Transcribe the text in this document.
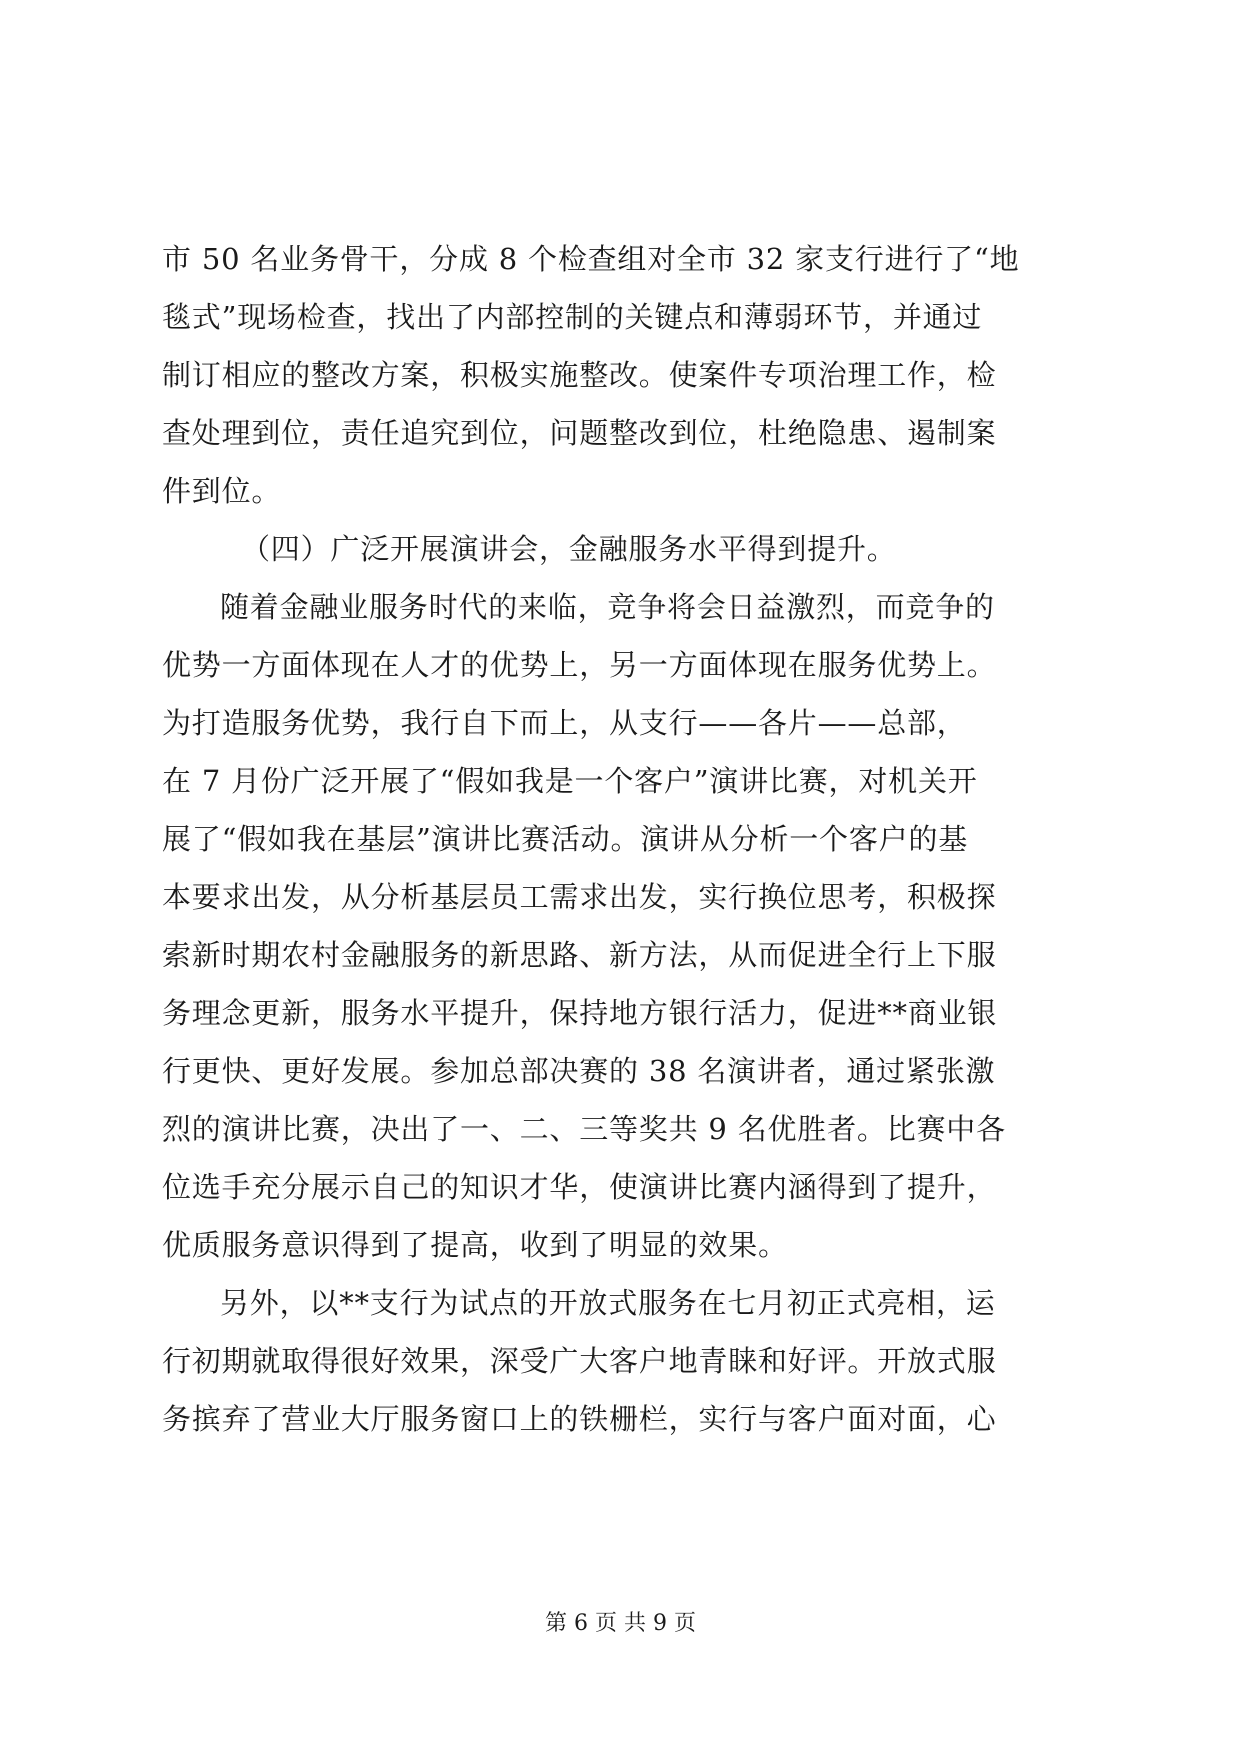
市 50 名业务骨干，分成 8 个检查组对全市 32 家支行进行了“地
毯式”现场检查，找出了内部控制的关键点和薄弱环节，并通过
制订相应的整改方案，积极实施整改。使案件专项治理工作，检
查处理到位，责任追究到位，问题整改到位，杜绝隐患、遏制案
件到位。
（四）广泛开展演讲会，金融服务水平得到提升。
随着金融业服务时代的来临，竞争将会日益激烈，而竞争的
优势一方面体现在人才的优势上，另一方面体现在服务优势上。
为打造服务优势，我行自下而上，从支行——各片——总部，
在 7 月份广泛开展了“假如我是一个客户”演讲比赛，对机关开
展了“假如我在基层”演讲比赛活动。演讲从分析一个客户的基
本要求出发，从分析基层员工需求出发，实行换位思考，积极探
索新时期农村金融服务的新思路、新方法，从而促进全行上下服
务理念更新，服务水平提升，保持地方银行活力，促进**商业银
行更快、更好发展。参加总部决赛的 38 名演讲者，通过紧张激
烈的演讲比赛，决出了一、二、三等奖共 9 名优胜者。比赛中各
位选手充分展示自己的知识才华，使演讲比赛内涵得到了提升，
优质服务意识得到了提高，收到了明显的效果。
另外，以**支行为试点的开放式服务在七月初正式亮相，运
行初期就取得很好效果，深受广大客户地青睐和好评。开放式服
务摈弃了营业大厅服务窗口上的铁栅栏，实行与客户面对面，心
第 6 页 共 9 页
